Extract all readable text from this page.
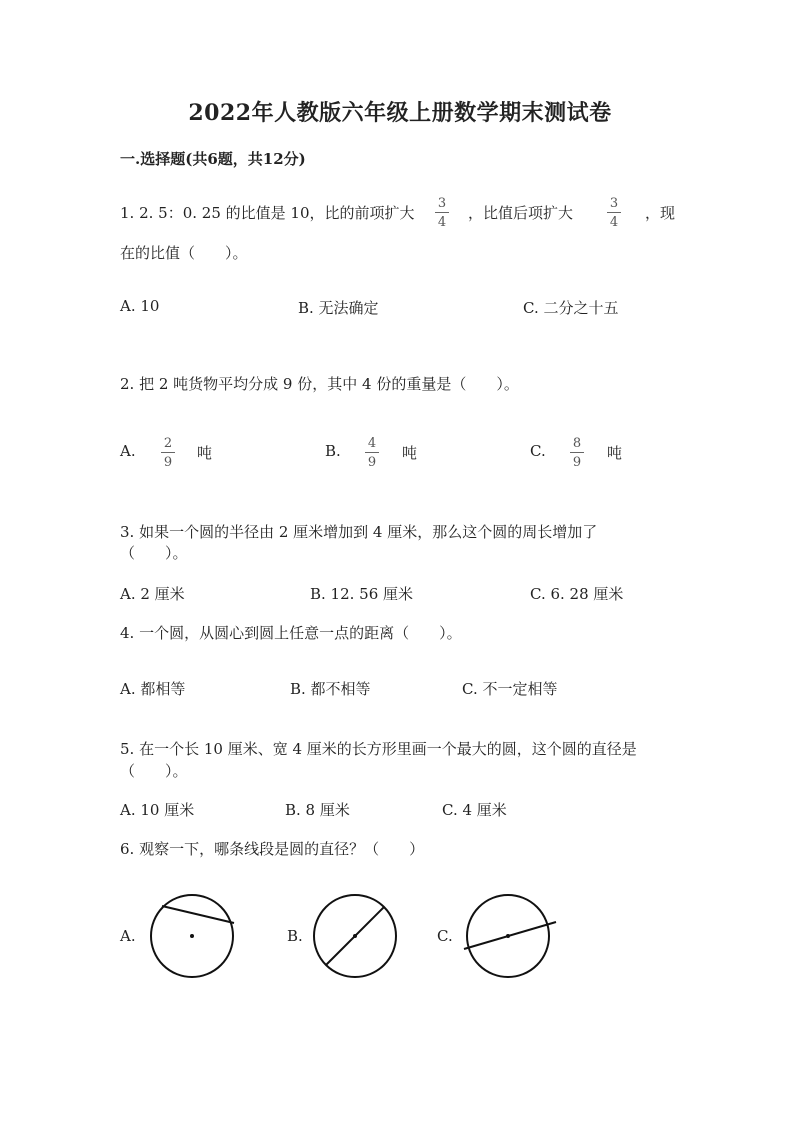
2022年人教版六年级上册数学期末测试卷
一.选择题(共6题，共12分)
1. 2. 5：0. 25 的比值是 10，比的前项扩大
3
4
，比值后项扩大
3
4
，现
在的比值（　　）。
A. 10	B. 无法确定	C. 二分之十五
2. 把 2 吨货物平均分成 9 份，其中 4 份的重量是（　　）。
A.	2
9
吨	B.	4
9
吨	C.	8
9
吨
3. 如果一个圆的半径由 2 厘米增加到 4 厘米，那么这个圆的周长增加了
（　　）。
A. 2 厘米	B. 12. 56 厘米	C. 6. 28 厘米
4. 一个圆，从圆心到圆上任意一点的距离（　　）。
A. 都相等	B. 都不相等	C. 不一定相等
5. 在一个长 10 厘米、宽 4 厘米的长方形里画一个最大的圆，这个圆的直径是
（　　）。
A. 10 厘米	B. 8 厘米	C. 4 厘米
6. 观察一下，哪条线段是圆的直径？（　　）
A.	B.	C.
